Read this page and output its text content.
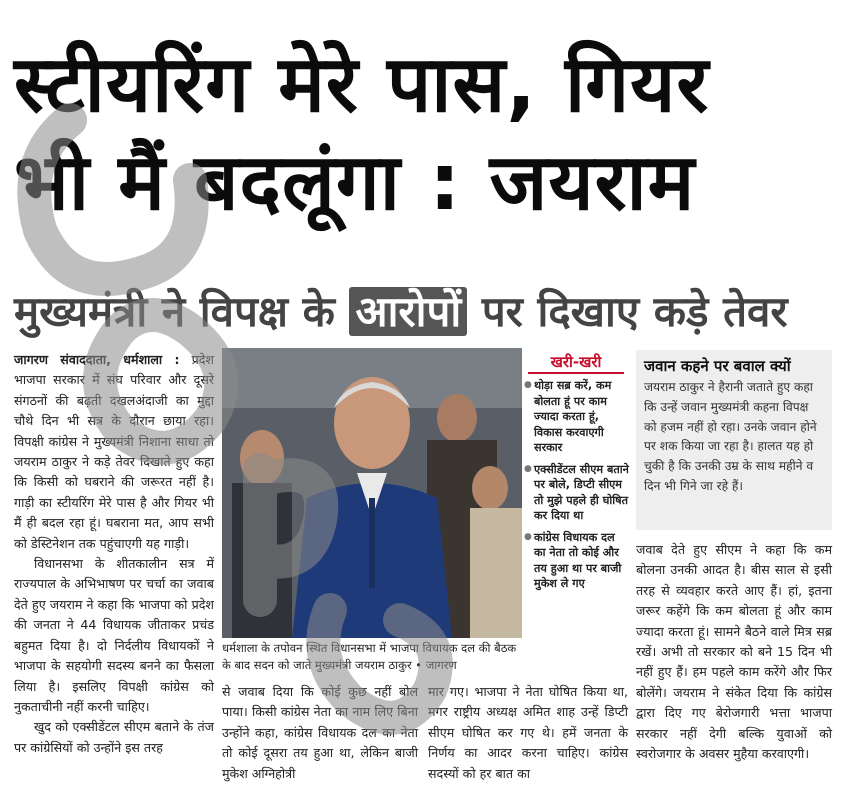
स्टीयरिंग मेरे पास, गियर
भी मैं बदलूंगा : जयराम
मुख्यमंत्री ने विपक्ष के आरोपों पर दिखाए कड़े तेवर

जागरण संवाददाता, धर्मशाला : प्रदेश भाजपा सरकार में संघ परिवार और दूसरे संगठनों की बढ़ती दखलअंदाजी का मुद्दा चौथे दिन भी सत्र के दौरान छाया रहा। विपक्षी कांग्रेस ने मुख्यमंत्री निशाना साधा तो जयराम ठाकुर ने कड़े तेवर दिखाते हुए कहा कि किसी को घबराने की जरूरत नहीं है। गाड़ी का स्टीयरिंग मेरे पास है और गियर भी मैं ही बदल रहा हूं। घबराना मत, आप सभी को डेस्टिनेशन तक पहुंचाएगी यह गाड़ी।

विधानसभा के शीतकालीन सत्र में राज्यपाल के अभिभाषण पर चर्चा का जवाब देते हुए जयराम ने कहा कि भाजपा को प्रदेश की जनता ने 44 विधायक जीताकर प्रचंड बहुमत दिया है। दो निर्दलीय विधायकों ने भाजपा के सहयोगी सदस्य बनने का फैसला लिया है। इसलिए विपक्षी कांग्रेस को नुकताचीनी नहीं करनी चाहिए।

खुद को एक्सीडेंटल सीएम बताने के तंज पर कांग्रेसियों को उन्होंने इस तरह

धर्मशाला के तपोवन स्थित विधानसभा में भाजपा विधायक दल की बैठक के बाद सदन को जाते मुख्यमंत्री जयराम ठाकुर • जागरण
खरी-खरी
● थोड़ा सब्र करें, कम बोलता हूं पर काम ज्यादा करता हूं, विकास करवाएगी सरकार
● एक्सीडेंटल सीएम बताने पर बोले, डिप्टी सीएम तो मुझे पहले ही घोषित कर दिया था
● कांग्रेस विधायक दल का नेता तो कोई और तय हुआ था पर बाजी मुकेश ले गए
जवान कहने पर बवाल क्यों
जयराम ठाकुर ने हैरानी जताते हुए कहा कि उन्हें जवान मुख्यमंत्री कहना विपक्ष को हजम नहीं हो रहा। उनके जवान होने पर शक किया जा रहा है। हालत यह हो चुकी है कि उनकी उम्र के साथ महीने व दिन भी गिने जा रहे हैं।

से जवाब दिया कि कोई कुछ नहीं बोल पाया। किसी कांग्रेस नेता का नाम लिए बिना उन्होंने कहा, कांग्रेस विधायक दल का नेता तो कोई दूसरा तय हुआ था, लेकिन बाजी मुकेश अग्निहोत्री

मार गए। भाजपा ने नेता घोषित किया था, मगर राष्ट्रीय अध्यक्ष अमित शाह उन्हें डिप्टी सीएम घोषित कर गए थे। हमें जनता के निर्णय का आदर करना चाहिए। कांग्रेस सदस्यों को हर बात का

जवाब देते हुए सीएम ने कहा कि कम बोलना उनकी आदत है। बीस साल से इसी तरह से व्यवहार करते आए हैं। हां, इतना जरूर कहेंगे कि कम बोलता हूं और काम ज्यादा करता हूं। सामने बैठने वाले मित्र सब्र रखें। अभी तो सरकार को बने 15 दिन भी नहीं हुए हैं। हम पहले काम करेंगे और फिर बोलेंगे। जयराम ने संकेत दिया कि कांग्रेस द्वारा दिए गए बेरोजगारी भत्ता भाजपा सरकार नहीं देगी बल्कि युवाओं को स्वरोजगार के अवसर मुहैया करवाएगी।
